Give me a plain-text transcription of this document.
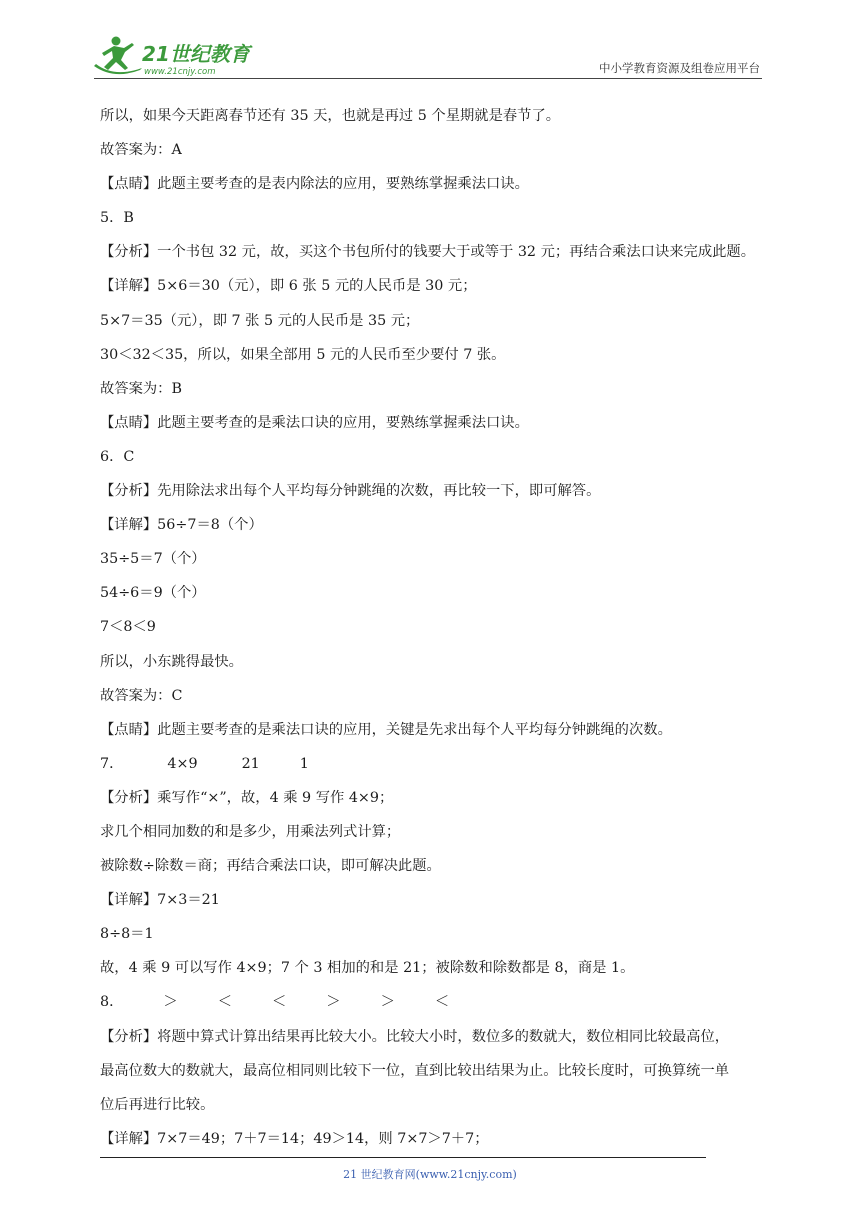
21世纪教育
www.21cnjy.com	中小学教育资源及组卷应用平台
所以，如果今天距离春节还有 35 天，也就是再过 5 个星期就是春节了。
故答案为：A
【点睛】此题主要考查的是表内除法的应用，要熟练掌握乘法口诀。
5．B
【分析】一个书包 32 元，故，买这个书包所付的钱要大于或等于 32 元；再结合乘法口诀来完成此题。
【详解】5×6＝30（元），即 6 张 5 元的人民币是 30 元；
5×7＝35（元），即 7 张 5 元的人民币是 35 元；
30＜32＜35，所以，如果全部用 5 元的人民币至少要付 7 张。
故答案为：B
【点睛】此题主要考查的是乘法口诀的应用，要熟练掌握乘法口诀。
6．C
【分析】先用除法求出每个人平均每分钟跳绳的次数，再比较一下，即可解答。
【详解】56÷7＝8（个）
35÷5＝7（个）
54÷6＝9（个）
7＜8＜9
所以，小东跳得最快。
故答案为：C
【点睛】此题主要考查的是乘法口诀的应用，关键是先求出每个人平均每分钟跳绳的次数。
7．	4×9	21	1
【分析】乘写作“×”，故，4 乘 9 写作 4×9；
求几个相同加数的和是多少，用乘法列式计算；
被除数÷除数＝商；再结合乘法口诀，即可解决此题。
【详解】7×3＝21
8÷8＝1
故，4 乘 9 可以写作 4×9；7 个 3 相加的和是 21；被除数和除数都是 8，商是 1。
8．	＞	＜	＜	＞	＞	＜
【分析】将题中算式计算出结果再比较大小。比较大小时，数位多的数就大，数位相同比较最高位，
最高位数大的数就大，最高位相同则比较下一位，直到比较出结果为止。比较长度时，可换算统一单
位后再进行比较。
【详解】7×7＝49；7＋7＝14；49＞14，则 7×7＞7＋7；
21 世纪教育网(www.21cnjy.com)
